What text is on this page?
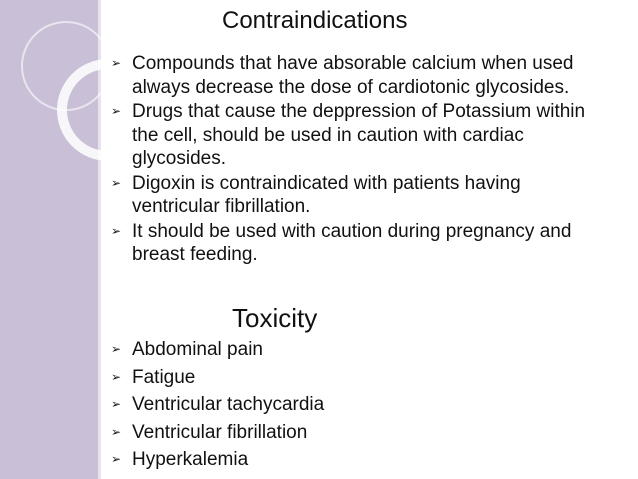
Contraindications
➢ Compounds that have absorable calcium when used always decrease the dose of cardiotonic glycosides.
➢ Drugs that cause the deppression of Potassium within the cell, should be used in caution with cardiac glycosides.
➢ Digoxin is contraindicated with patients having ventricular fibrillation.
➢ It should be used with caution during pregnancy and breast feeding.
Toxicity
➢ Abdominal pain
➢ Fatigue
➢ Ventricular tachycardia
➢ Ventricular fibrillation
➢ Hyperkalemia
